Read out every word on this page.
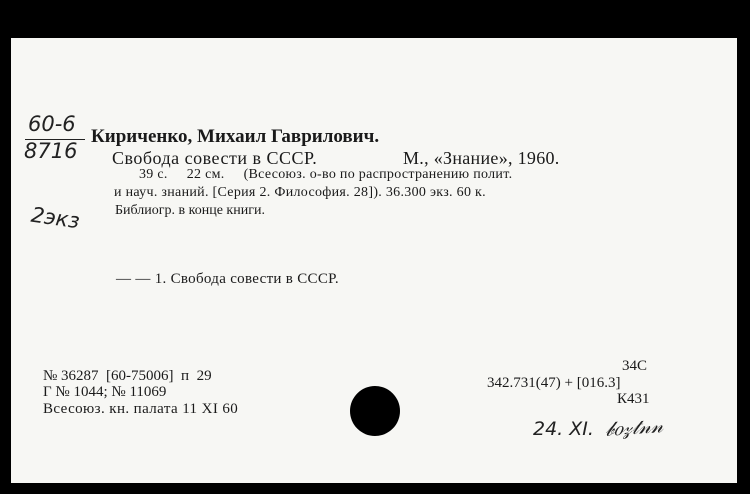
60-6
8716
2экз
Кириченко, Михаил Гаврилович.
Свобода совести в СССР.	М., «Знание», 1960.
39 с.     22 см.     (Всесоюз. о-во по распространению полит.
и науч. знаний. [Серия 2. Философия. 28]). 36.300 экз. 60 к.
Библиогр. в конце книги.
— — 1. Свобода совести в СССР.
№ 36287  [60-75006]  п  29
Г № 1044; № 11069
Всесоюз. кн. палата 11 XI 60
34С
342.731(47) + [016.3]
К431
24. XI. 𝒷𝑜𝓏𝓉𝓃𝓃
